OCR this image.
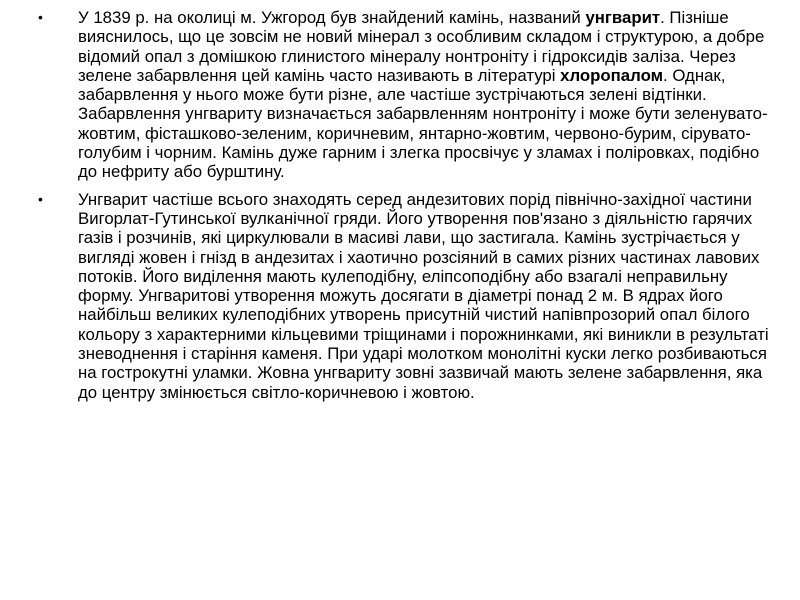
• У 1839 р. на околиці м. Ужгород був знайдений камінь, названий унгварит. Пізніше вияснилось, що це зовсім не новий мінерал з особливим складом і структурою, а добре відомий опал з домішкою глинистого мінералу нонтроніту і гідроксидів заліза. Через зелене забарвлення цей камінь часто називають в літературі хлоропалом. Однак, забарвлення у нього може бути різне, але частіше зустрічаються зелені відтінки. Забарвлення унгвариту визначається забарвленням нонтроніту і може бути зеленувато-жовтим, фісташково-зеленим, коричневим, янтарно-жовтим, червоно-бурим, сірувато-голубим і чорним. Камінь дуже гарним і злегка просвічує у зламах і поліровках, подібно до нефриту або бурштину.
• Унгварит частіше всього знаходять серед андезитових порід північно-західної частини Вигорлат-Гутинської вулканічної гряди. Його утворення пов'язано з діяльністю гарячих газів і розчинів, які циркулювали в масиві лави, що застигала. Камінь зустрічається у вигляді жовен і гнізд в андезитах і хаотично розсіяний в самих різних частинах лавових потоків. Його виділення мають кулеподібну, еліпсоподібну або взагалі неправильну форму. Унгваритові утворення можуть досягати в діаметрі понад 2 м. В ядрах його найбільш великих кулеподібних утворень присутній чистий напівпрозорий опал білого кольору з характерними кільцевими тріщинами і порожнинками, які виникли в результаті зневоднення і старіння каменя. При ударі молотком монолітні куски легко розбиваються на гострокутні уламки. Жовна унгвариту зовні зазвичай мають зелене забарвлення, яка до центру змінюється світло-коричневою і жовтою.
